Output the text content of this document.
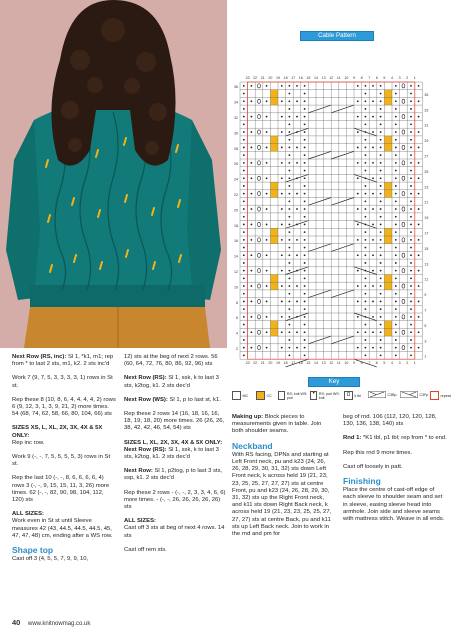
Cable Pattern
23
23
22
22
21
21
20
20
19
19
18
18
17
17
16
16
15
15
14
14
13
13
12
12
11
11
10
10
9
9
8
8
7
7
6
6
5
5
4
4
3
3
2
2
1
1
36
34
32
30
28
26
24
22
20
18
16
14
12
10
8
6
4
2
35
33
31
29
27
25
23
21
19
17
15
13
11
9
7
5
3
1
Key
MC	CC	RS: knit WS: purl
•	RS: purl WS: knit	Ω	k tbl	C3Bp	C3Fp	repeat

Next Row (RS, inc): Sl 1, *k1, m1; rep from * to last 2 sts, m1, k2. 2 sts inc'd

Work 7 (9, 7, 5, 3, 3, 3, 3, 1) rows in St st.

Rep these 8 (10, 8, 6, 4, 4, 4, 4, 2) rows 6 (9, 12, 3, 1, 3, 9, 21, 2) more times. 54 (68, 74, 62, 58, 66, 80, 104, 66) sts

SIZES XS, L, XL, 2X, 3X, 4X & 5X ONLY:

Rep inc row.

Work 9 (-, -, 7, 5, 5, 5, 5, 3) rows in St st.

Rep the last 10 (-, -, 8, 6, 6, 6, 6, 4) rows 3 (-, -, 9, 15, 15, 11, 3, 26) more times. 62 (-, -, 82, 90, 98, 104, 112, 120) sts

ALL SIZES:

Work even in St st until Sleeve measures 42 (43, 44.5, 44.5, 44.5, 45, 47, 47, 48) cm, ending after a WS row.

Shape top

Cast off 3 (4, 5, 5, 7, 9, 9, 10,

12) sts at the beg of next 2 rows. 56 (60, 64, 72, 76, 80, 86, 92, 96) sts

Next Row (RS): Sl 1, ssk, k to last 3 sts, k2tog, k1. 2 sts dec'd

Next Row (WS): Sl 1, p to last st, k1.

Rep these 2 rows 14 (16, 18, 16, 16, 18, 19, 18, 20) more times. 26 (26, 26, 38, 42, 42, 46, 54, 54) sts

SIZES L, XL, 2X, 3X, 4X & 5X ONLY:

Next Row (RS): Sl 1, ssk, k to last 3 sts, k2tog, k1. 2 sts dec'd

Next Row: Sl 1, p2tog, p to last 3 sts, ssp, k1. 2 sts dec'd

Rep these 2 rows - (-, -, 2, 3, 3, 4, 6, 6) more times. - (-, -, 26, 26, 26, 26, 26) sts

ALL SIZES:

Cast off 3 sts at beg of next 4 rows. 14 sts

Cast off rem sts.

Making up: Block pieces to measurements given in table. Join both shoulder seams.

Neckband

With RS facing, DPNs and starting at Left Front neck, pu and k23 (24, 26, 26, 28, 29, 30, 31, 32) sts down Left Front neck, k across held 19 (21, 23, 23, 25, 25, 27, 27, 27) sts at centre Front, pu and k23 (24, 26, 28, 29, 30, 31, 32) sts up the Right Front neck, and k11 sts down Right Back neck, k across held 19 (21, 23, 23, 25, 25, 27, 27, 27) sts at centre Back, pu and k11 sts up Left Back neck. Join to work in the rnd and pm for

beg of rnd. 106 (112, 120, 120, 128, 130, 136, 138, 140) sts

Rnd 1: *K1 tbl, p1 tbl; rep from * to end.

Rep this rnd 9 more times.

Cast off loosely in patt.

Finishing

Place the centre of cast-off edge of each sleeve to shoulder seam and set in sleeve, easing sleeve head into armhole. Join side and sleeve seams with mattress stitch. Weave in all ends.

40 www.knitnowmag.co.uk
